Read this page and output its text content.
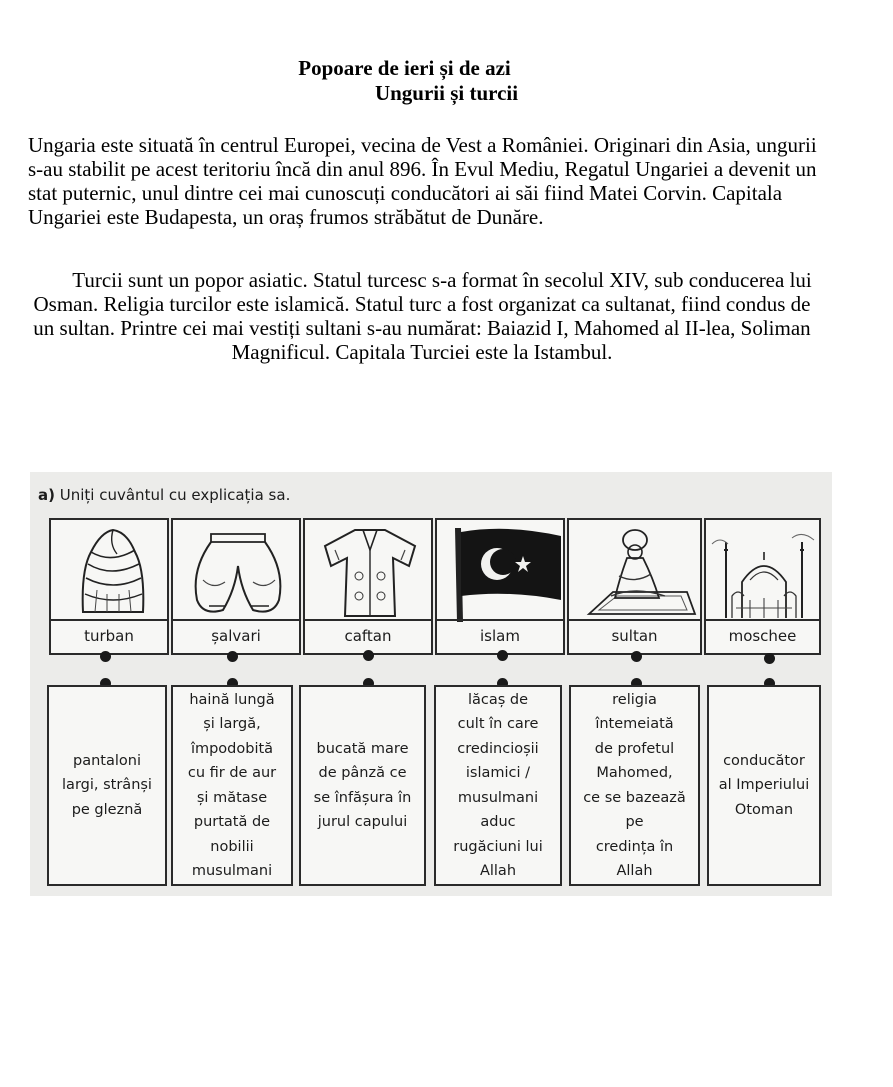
Popoare de ieri și de azi
Ungurii și turcii
Ungaria este situată în centrul Europei, vecina de Vest a României. Originari din Asia, ungurii s-au stabilit pe acest teritoriu încă din anul 896. În Evul Mediu, Regatul Ungariei a devenit un stat puternic, unul dintre cei mai cunoscuți conducători ai săi fiind Matei Corvin. Capitala Ungariei este Budapesta, un oraș frumos străbătut de Dunăre.
Turcii sunt un popor asiatic. Statul turcesc s-a format în secolul XIV, sub conducerea lui Osman. Religia turcilor este islamică. Statul turc a fost organizat ca sultanat, fiind condus de un sultan. Printre cei mai vestiți sultani s-au numărat: Baiazid I, Mahomed al II-lea, Soliman Magnificul. Capitala Turciei este la Istambul.
a) Uniți cuvântul cu explicația sa.
turban	șalvari	caftan	islam	sultan	moschee
pantaloni
largi, strânși
pe gleznă
haină lungă
și largă,
împodobită
cu fir de aur
și mătase
purtată de
nobilii
musulmani
bucată mare
de pânză ce
se înfășura în
jurul capului
lăcaș de
cult în care
credincioșii
islamici /
musulmani
aduc
rugăciuni lui
Allah
religia
întemeiată
de profetul
Mahomed,
ce se bazează
pe
credința în
Allah
conducător
al Imperiului
Otoman
